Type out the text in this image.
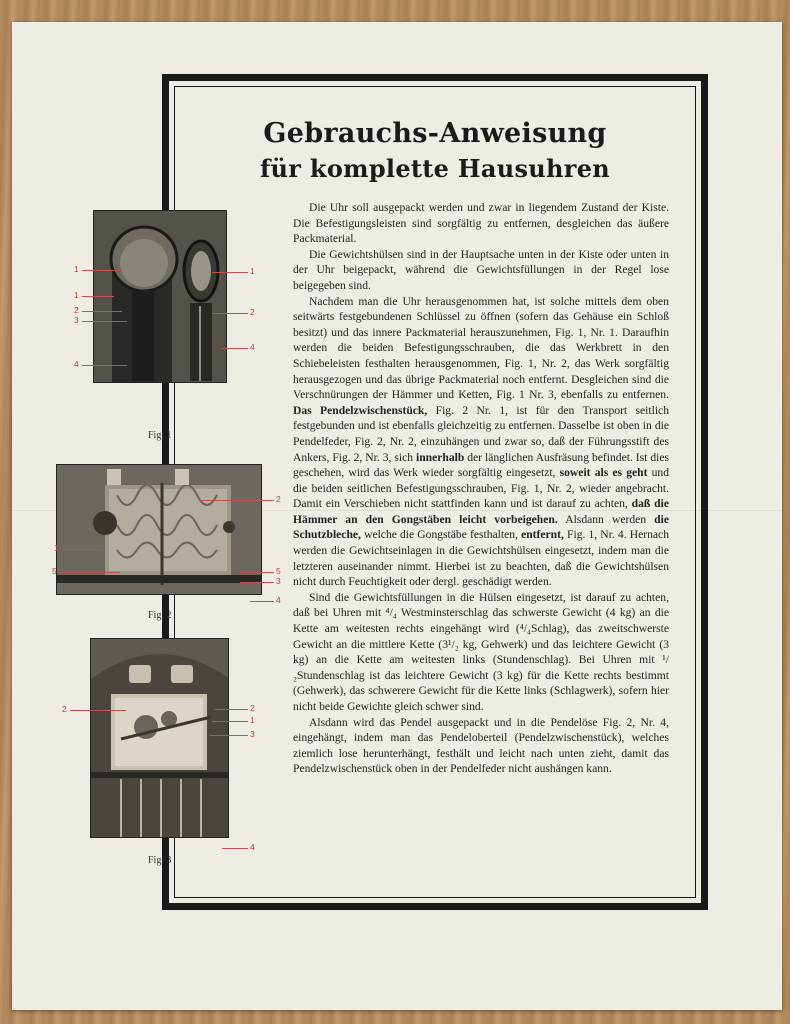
Gebrauchs-Anweisung
für komplette Hausuhren

Die Uhr soll ausgepackt werden und zwar in liegendem Zustand der Kiste. Die Befestigungsleisten sind sorgfältig zu entfernen, desgleichen das äußere Packmaterial.

Die Gewichtshülsen sind in der Hauptsache unten in der Kiste oder unten in der Uhr beigepackt, während die Gewichtsfüllungen in der Regel lose beigegeben sind.

Nachdem man die Uhr herausgenommen hat, ist solche mittels dem oben seitwärts festgebundenen Schlüssel zu öffnen (sofern das Gehäuse ein Schloß besitzt) und das innere Packmaterial herauszunehmen, Fig. 1, Nr. 1. Daraufhin werden die beiden Befestigungsschrauben, die das Werkbrett in den Schiebeleisten festhalten herausgenommen, Fig. 1, Nr. 2, das Werk sorgfältig herausgezogen und das übrige Packmaterial noch entfernt. Desgleichen sind die Verschnürungen der Hämmer und Ketten, Fig. 1 Nr. 3, ebenfalls zu entfernen. Das Pendelzwischenstück, Fig. 2 Nr. 1, ist für den Transport seitlich festgebunden und ist ebenfalls gleichzeitig zu entfernen. Dasselbe ist oben in die Pendelfeder, Fig. 2, Nr. 2, einzuhängen und zwar so, daß der Führungsstift des Ankers, Fig. 2, Nr. 3, sich innerhalb der länglichen Ausfräsung befindet. Ist dies geschehen, wird das Werk wieder sorgfältig eingesetzt, soweit als es geht und die beiden seitlichen Befestigungsschrauben, Fig. 1, Nr. 2, wieder angebracht. Damit ein Verschieben nicht stattfinden kann und ist darauf zu achten, daß die Hämmer an den Gongstäben leicht vorbeigehen. Alsdann werden die Schutzbleche, welche die Gongstäbe festhalten, entfernt, Fig. 1, Nr. 4. Hernach werden die Gewichtseinlagen in die Gewichtshülsen eingesetzt, indem man die letzteren auseinander nimmt. Hierbei ist zu beachten, daß die Gewichtshülsen nicht durch Feuchtigkeit oder dergl. geschädigt werden.

Sind die Gewichtsfüllungen in die Hülsen eingesetzt, ist darauf zu achten, daß bei Uhren mit ⁴/₄ Westminsterschlag das schwerste Gewicht (4 kg) an die Kette am weitesten rechts eingehängt wird (⁴/₄Schlag), das zweitschwerste Gewicht an die mittlere Kette (3¹/₂ kg, Gehwerk) und das leichtere Gewicht (3 kg) an die Kette am weitesten links (Stundenschlag). Bei Uhren mit ¹/₂Stundenschlag ist das leichtere Gewicht (3 kg) für die Kette rechts bestimmt (Gehwerk), das schwerere Gewicht für die Kette links (Schlagwerk), sofern hier nicht beide Gewichte gleich schwer sind.

Alsdann wird das Pendel ausgepackt und in die Pendelöse Fig. 2, Nr. 4, eingehängt, indem man das Pendeloberteil (Pendelzwischenstück), welches ziemlich lose herunterhängt, festhält und leicht nach unten zieht, damit das Pendelzwischenstück oben in der Pendelfeder nicht aushängen kann.

Fig. 1
1
1
2
3
4
1
2
4
Fig. 2
1
5
2
5
3
4
Fig. 3
2	2
1
3
4
